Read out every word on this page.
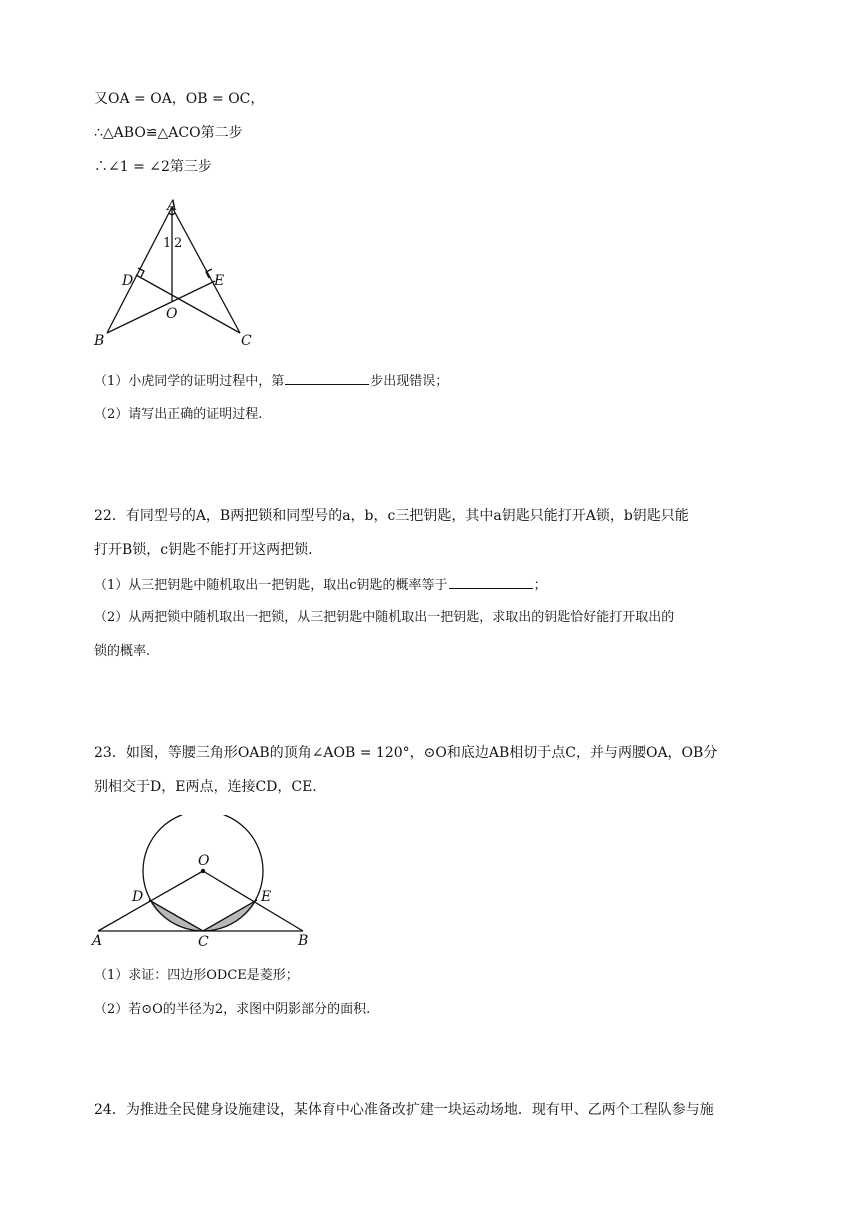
又OA = OA，OB = OC，
∴△ABO≌△ACO第二步
∴∠1 = ∠2第三步
A
B	C
D	E
O
1 2
（1）小虎同学的证明过程中，第	步出现错误；
（2）请写出正确的证明过程.
22．有同型号的A，B两把锁和同型号的a，b，c三把钥匙，其中a钥匙只能打开A锁，b钥匙只能
打开B锁，c钥匙不能打开这两把锁.
（1）从三把钥匙中随机取出一把钥匙，取出c钥匙的概率等于	；
（2）从两把锁中随机取出一把锁，从三把钥匙中随机取出一把钥匙，求取出的钥匙恰好能打开取出的
锁的概率.
23．如图，等腰三角形OAB的顶角∠AOB = 120°，⊙O和底边AB相切于点C，并与两腰OA，OB分
别相交于D，E两点，连接CD，CE.
O
D	E
A	C	B
（1）求证：四边形ODCE是菱形；
（2）若⊙O的半径为2，求图中阴影部分的面积.
24．为推进全民健身设施建设，某体育中心准备改扩建一块运动场地．现有甲、乙两个工程队参与施
